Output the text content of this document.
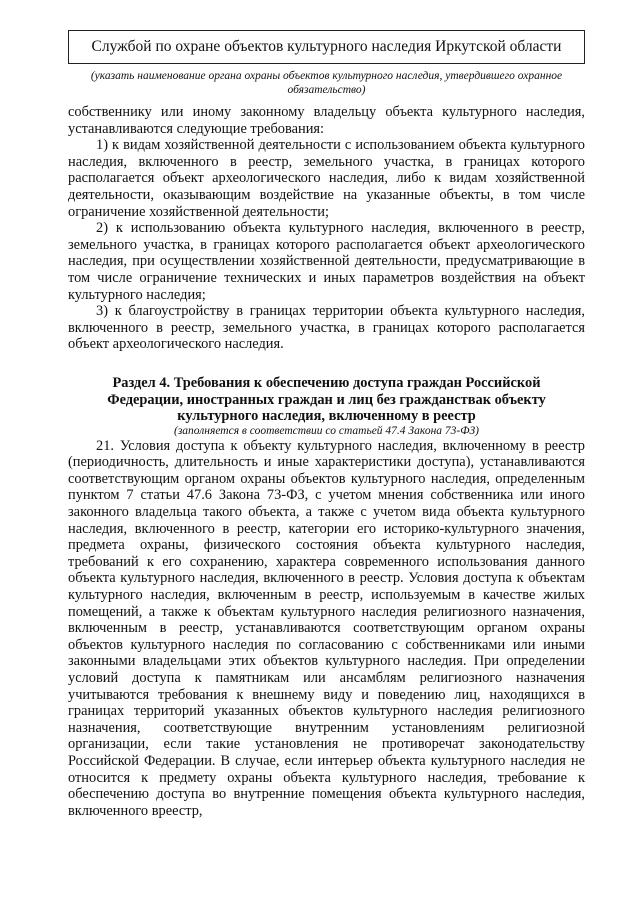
Службой по охране объектов культурного наследия Иркутской области

(указать наименование органа охраны объектов культурного наследия, утвердившего охранное обязательство)

собственнику или иному законному владельцу объекта культурного наследия, устанавливаются следующие требования:

1) к видам хозяйственной деятельности с использованием объекта культурного наследия, включенного в реестр, земельного участка, в границах которого располагается объект археологического наследия, либо к видам хозяйственной деятельности, оказывающим воздействие на указанные объекты, в том числе ограничение хозяйственной деятельности;

2) к использованию объекта культурного наследия, включенного в реестр, земельного участка, в границах которого располагается объект археологического наследия, при осуществлении хозяйственной деятельности, предусматривающие в том числе ограничение технических и иных параметров воздействия на объект культурного наследия;

3) к благоустройству в границах территории объекта культурного наследия, включенного в реестр, земельного участка, в границах которого располагается объект археологического наследия.

Раздел 4. Требования к обеспечению доступа граждан Российской Федерации, иностранных граждан и лиц без гражданствак объекту культурного наследия, включенному в реестр

(заполняется в соответствии со статьей 47.4 Закона 73-ФЗ)

21. Условия доступа к объекту культурного наследия, включенному в реестр (периодичность, длительность и иные характеристики доступа), устанавливаются соответствующим органом охраны объектов культурного наследия, определенным пунктом 7 статьи 47.6 Закона 73-ФЗ, с учетом мнения собственника или иного законного владельца такого объекта, а также с учетом вида объекта культурного наследия, включенного в реестр, категории его историко-культурного значения, предмета охраны, физического состояния объекта культурного наследия, требований к его сохранению, характера современного использования данного объекта культурного наследия, включенного в реестр. Условия доступа к объектам культурного наследия, включенным в реестр, используемым в качестве жилых помещений, а также к объектам культурного наследия религиозного назначения, включенным в реестр, устанавливаются соответствующим органом охраны объектов культурного наследия по согласованию с собственниками или иными законными владельцами этих объектов культурного наследия. При определении условий доступа к памятникам или ансамблям религиозного назначения учитываются требования к внешнему виду и поведению лиц, находящихся в границах территорий указанных объектов культурного наследия религиозного назначения, соответствующие внутренним установлениям религиозной организации, если такие установления не противоречат законодательству Российской Федерации. В случае, если интерьер объекта культурного наследия не относится к предмету охраны объекта культурного наследия, требование к обеспечению доступа во внутренние помещения объекта культурного наследия, включенного вреестр,
